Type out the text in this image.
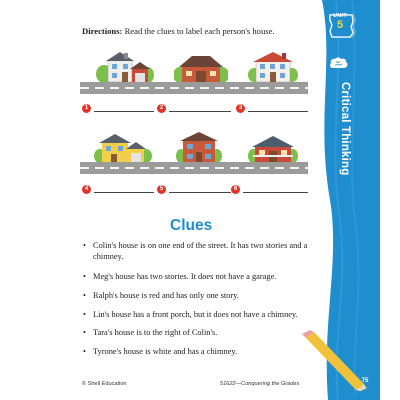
Directions: Read the clues to label each person's house.
UNIT
5
Critical Thinking
1	2	3
4	5	6
Clues
• Colin's house is on one end of the street. It has two stories and a chimney.
• Meg's house has two stories. It does not have a garage.
• Ralph's house is red and has only one story.
• Lin's house has a front porch, but it does not have a chimney.
• Tara's house is to the right of Colin's.
• Tyrone's house is white and has a chimney.
© Shell Education	51622—Conquering the Grades	75
